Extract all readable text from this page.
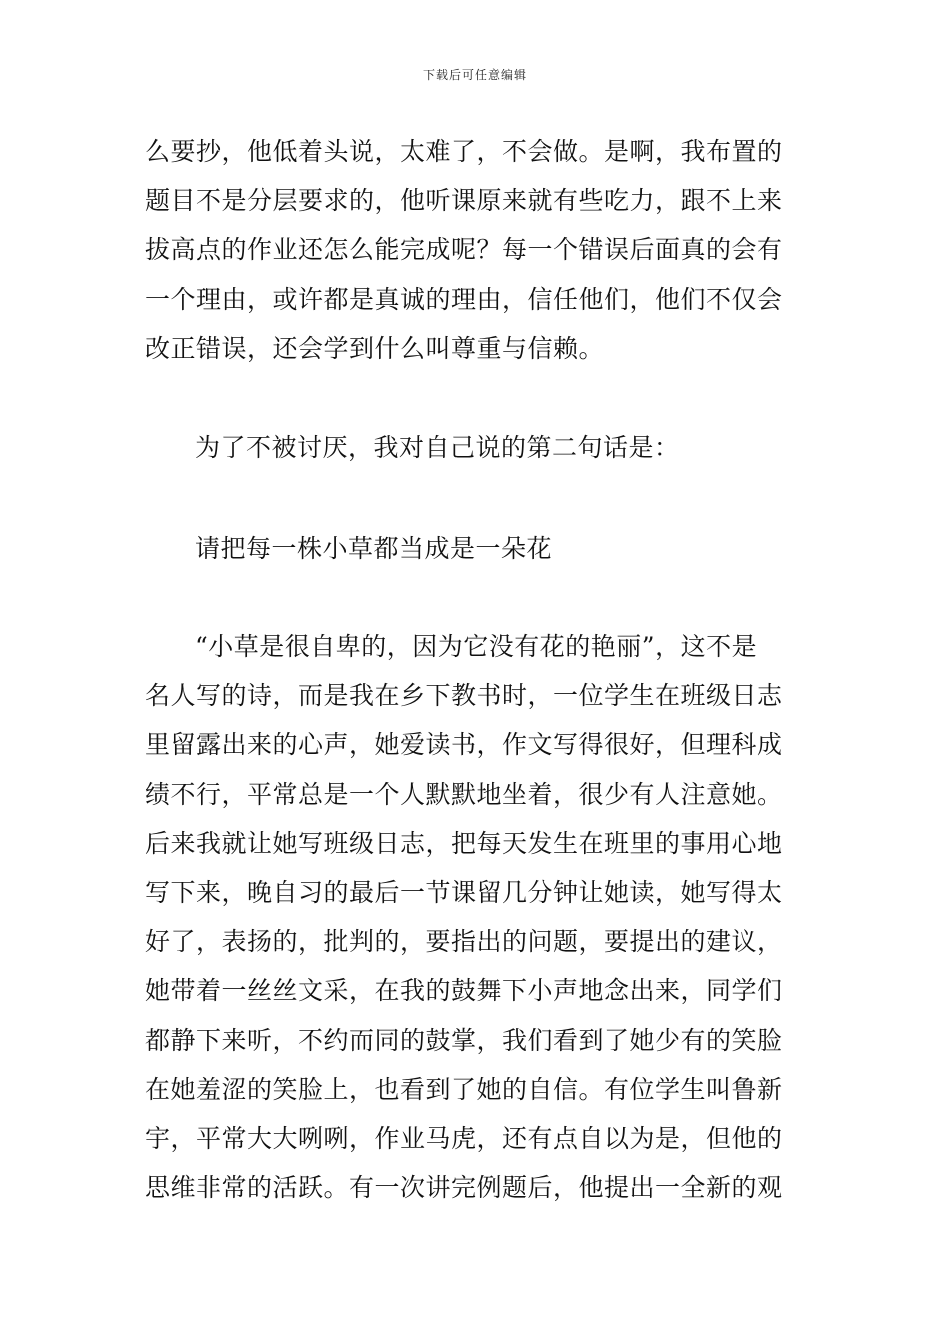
下载后可任意编辑
么要抄，他低着头说，太难了，不会做。是啊，我布置的
题目不是分层要求的，他听课原来就有些吃力，跟不上来
拔高点的作业还怎么能完成呢？每一个错误后面真的会有
一个理由，或许都是真诚的理由，信任他们，他们不仅会
改正错误，还会学到什么叫尊重与信赖。
为了不被讨厌，我对自己说的第二句话是：
请把每一株小草都当成是一朵花
“小草是很自卑的，因为它没有花的艳丽”，这不是
名人写的诗，而是我在乡下教书时，一位学生在班级日志
里留露出来的心声，她爱读书，作文写得很好，但理科成
绩不行，平常总是一个人默默地坐着，很少有人注意她。
后来我就让她写班级日志，把每天发生在班里的事用心地
写下来，晚自习的最后一节课留几分钟让她读，她写得太
好了，表扬的，批判的，要指出的问题，要提出的建议，
她带着一丝丝文采，在我的鼓舞下小声地念出来，同学们
都静下来听，不约而同的鼓掌，我们看到了她少有的笑脸
在她羞涩的笑脸上，也看到了她的自信。有位学生叫鲁新
宇，平常大大咧咧，作业马虎，还有点自以为是，但他的
思维非常的活跃。有一次讲完例题后，他提出一全新的观
